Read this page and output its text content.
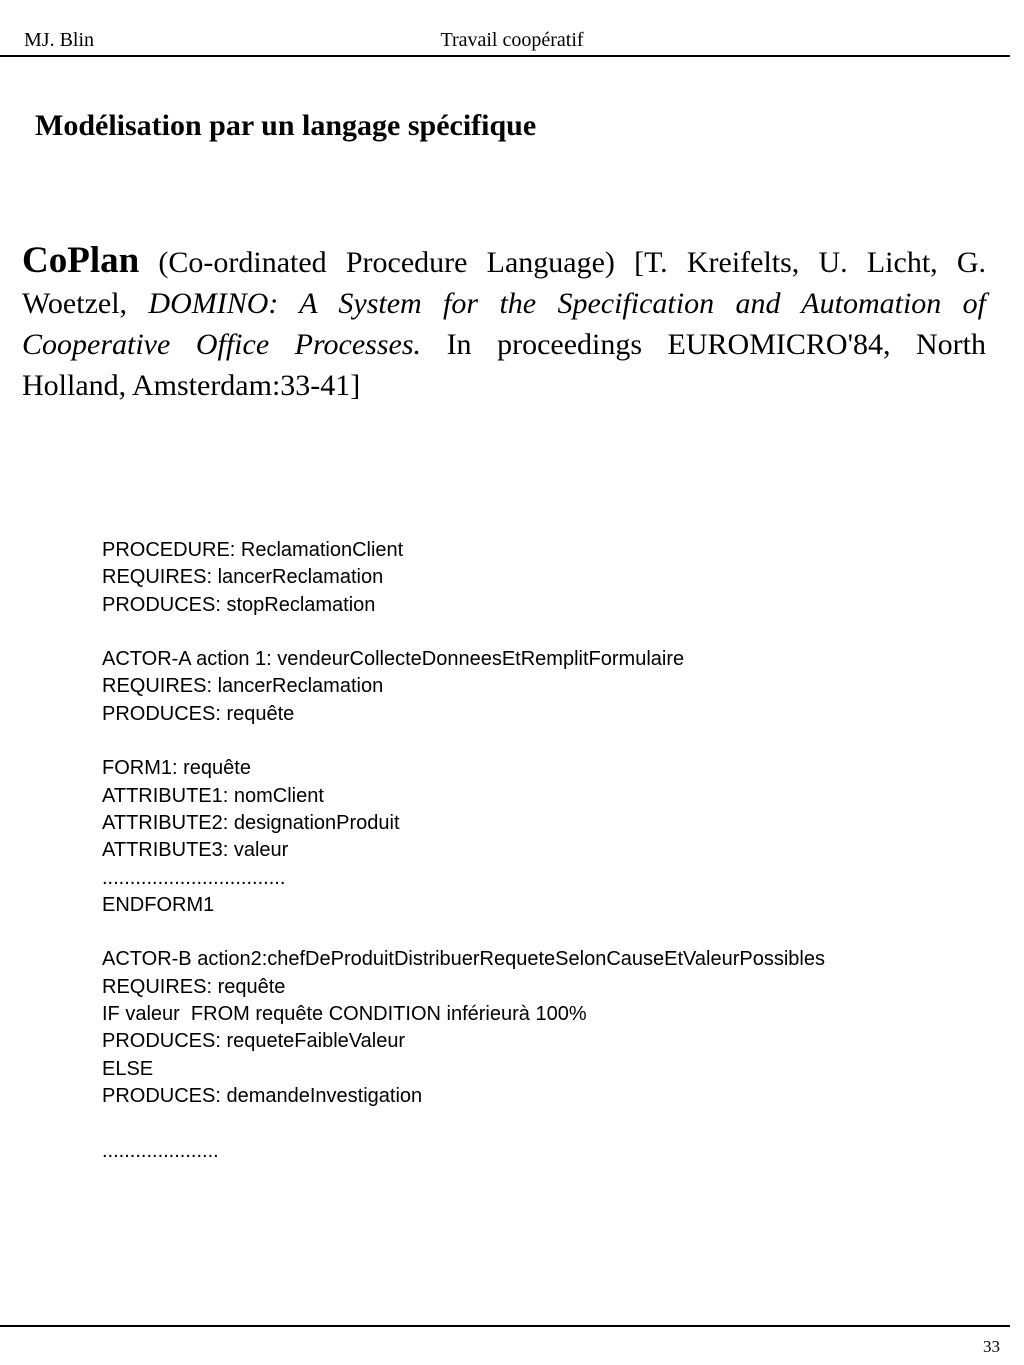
MJ. Blin	Travail coopératif
Modélisation par un langage spécifique
CoPlan (Co-ordinated Procedure Language) [T. Kreifelts, U. Licht, G. Woetzel, DOMINO: A System for the Specification and Automation of Cooperative Office Processes. In proceedings EUROMICRO'84, North Holland, Amsterdam:33-41]
PROCEDURE: ReclamationClient
REQUIRES: lancerReclamation
PRODUCES: stopReclamation
ACTOR-A action 1: vendeurCollecteDonneesEtRemplitFormulaire
REQUIRES: lancerReclamation
PRODUCES: requête
FORM1: requête
ATTRIBUTE1: nomClient
ATTRIBUTE2: designationProduit
ATTRIBUTE3: valeur
.................................
ENDFORM1
ACTOR-B action2:chefDeProduitDistribuerRequeteSelonCauseEtValeurPossibles
REQUIRES: requête
IF valeur  FROM requête CONDITION inférieurà 100%
PRODUCES: requeteFaibleValeur
ELSE
PRODUCES: demandeInvestigation
.....................
33
